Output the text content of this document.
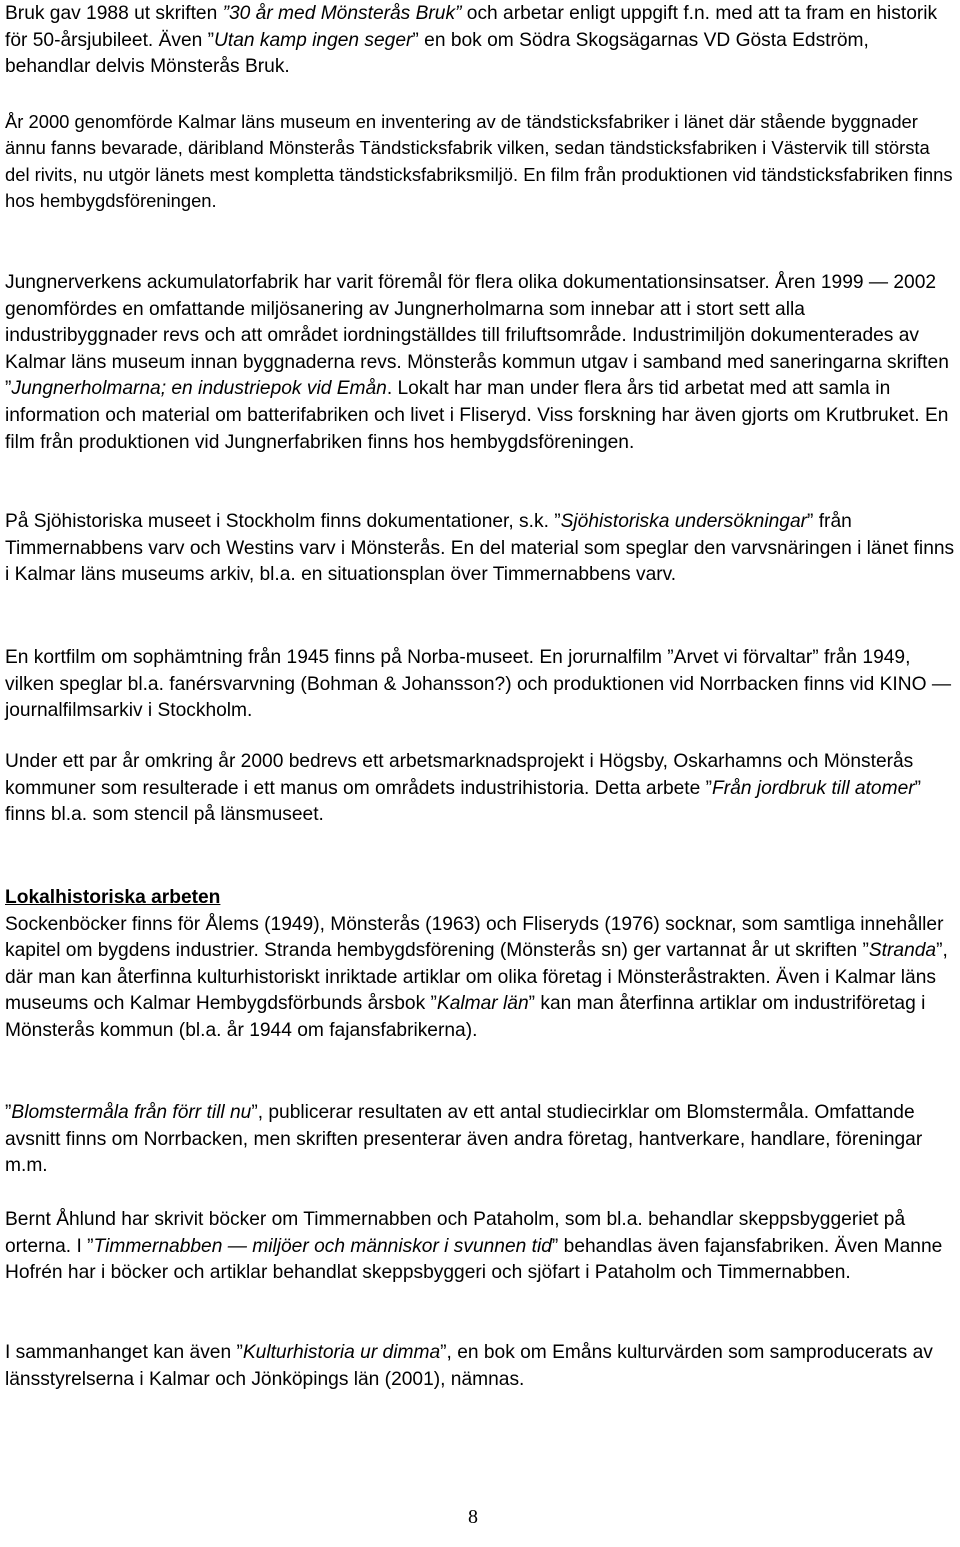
Bruk gav 1988 ut skriften ”30 år med Mönsterås Bruk” och arbetar enligt uppgift f.n. med att ta fram en historik för 50-årsjubileet. Även ”Utan kamp ingen seger” en bok om Södra Skogsägarnas VD Gösta Edström, behandlar delvis Mönsterås Bruk.

År 2000 genomförde Kalmar läns museum en inventering av de tändsticksfabriker i länet där stående byggnader ännu fanns bevarade, däribland Mönsterås Tändsticksfabrik vilken, sedan tändsticksfabriken i Västervik till största del rivits, nu utgör länets mest kompletta tändsticksfabriksmiljö. En film från produktionen vid tändsticksfabriken finns hos hembygdsföreningen.

Jungnerverkens ackumulatorfabrik har varit föremål för flera olika dokumentationsinsatser. Åren 1999 — 2002 genomfördes en omfattande miljösanering av Jungnerholmarna som innebar att i stort sett alla industribyggnader revs och att området iordningställdes till friluftsområde. Industrimiljön dokumenterades av Kalmar läns museum innan byggnaderna revs. Mönsterås kommun utgav i samband med saneringarna skriften ”Jungnerholmarna; en industriepok vid Emån. Lokalt har man under flera års tid arbetat med att samla in information och material om batterifabriken och livet i Fliseryd. Viss forskning har även gjorts om Krutbruket. En film från produktionen vid Jungnerfabriken finns hos hembygdsföreningen.

På Sjöhistoriska museet i Stockholm finns dokumentationer, s.k. ”Sjöhistoriska undersökningar” från Timmernabbens varv och Westins varv i Mönsterås. En del material som speglar den varvsnäringen i länet finns i Kalmar läns museums arkiv, bl.a. en situationsplan över Timmernabbens varv.

En kortfilm om sophämtning från 1945 finns på Norba-museet. En jorurnalfilm ”Arvet vi förvaltar” från 1949, vilken speglar bl.a. fanérsvarvning (Bohman & Johansson?) och produktionen vid Norrbacken finns vid KINO — journalfilmsarkiv i Stockholm.

Under ett par år omkring år 2000 bedrevs ett arbetsmarknadsprojekt i Högsby, Oskarhamns och Mönsterås kommuner som resulterade i ett manus om områdets industrihistoria. Detta arbete ”Från jordbruk till atomer” finns bl.a. som stencil på länsmuseet.

Lokalhistoriska arbeten

Sockenböcker finns för Ålems (1949), Mönsterås (1963) och Fliseryds (1976) socknar, som samtliga innehåller kapitel om bygdens industrier. Stranda hembygdsförening (Mönsterås sn) ger vartannat år ut skriften ”Stranda”, där man kan återfinna kulturhistoriskt inriktade artiklar om olika företag i Mönsteråstrakten. Även i Kalmar läns museums och Kalmar Hembygdsförbunds årsbok ”Kalmar län” kan man återfinna artiklar om industriföretag i Mönsterås kommun (bl.a. år 1944 om fajansfabrikerna).

”Blomstermåla från förr till nu”, publicerar resultaten av ett antal studiecirklar om Blomstermåla. Omfattande avsnitt finns om Norrbacken, men skriften presenterar även andra företag, hantverkare, handlare, föreningar m.m.

Bernt Åhlund har skrivit böcker om Timmernabben och Pataholm, som bl.a. behandlar skeppsbyggeriet på orterna. I ”Timmernabben — miljöer och människor i svunnen tid” behandlas även fajansfabriken. Även Manne Hofrén har i böcker och artiklar behandlat skeppsbyggeri och sjöfart i Pataholm och Timmernabben.

I sammanhanget kan även ”Kulturhistoria ur dimma”, en bok om Emåns kulturvärden som samproducerats av länsstyrelserna i Kalmar och Jönköpings län (2001), nämnas.

8
